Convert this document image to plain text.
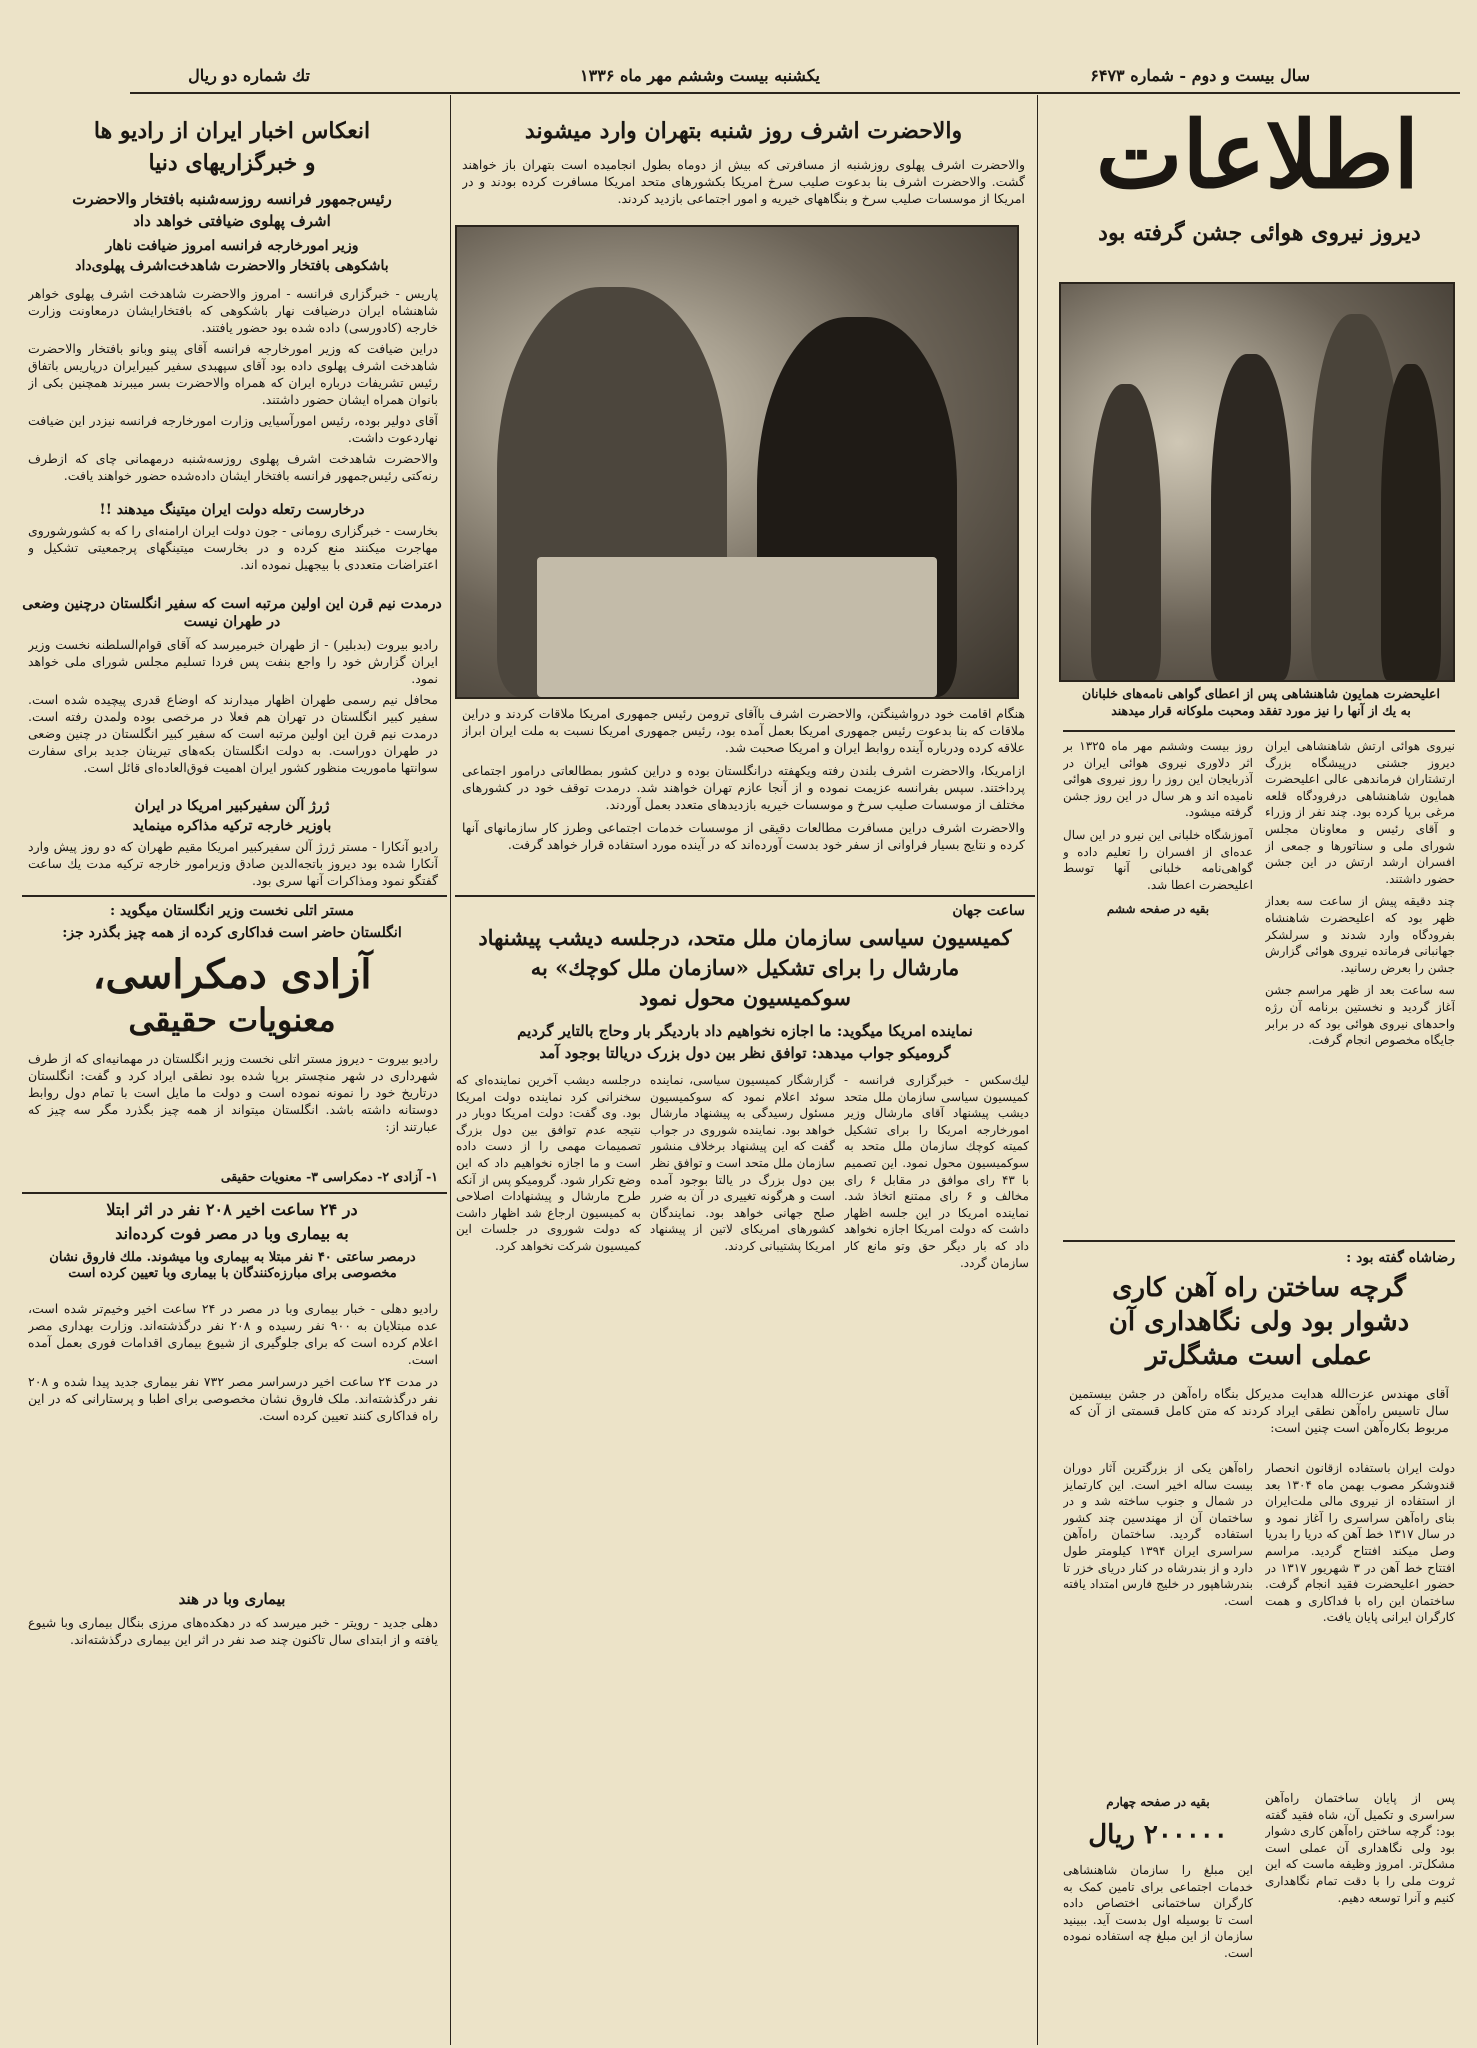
سال بیست و دوم - شماره ۶۴۷۳
یکشنبه بیست وششم مهر ماه ۱۳۳۶
تك شماره دو ریال
اطلاعات
دیروز نیروی هوائی جشن گرفته بود
اعلیحضرت همایون شاهنشاهی پس از اعطای گواهی نامه‌های خلبانان به يك از آنها را نیز مورد تفقد ومحبت ملوكانه قرار میدهند

نیروی هوائی ارتش شاهنشاهی ایران دیروز جشنی درپیشگاه بزرگ ارتشتاران فرماندهی عالی اعلیحضرت همایون شاهنشاهی درفرودگاه قلعه مرغی برپا کرده بود. چند نفر از وزراء و آقای رئیس و معاونان مجلس شورای ملی و سناتورها و جمعی از افسران ارشد ارتش در این جشن حضور داشتند.

چند دقیقه پیش از ساعت سه بعداز ظهر بود که اعلیحضرت شاهنشاه بفرودگاه وارد شدند و سرلشکر جهانبانی فرمانده نیروی هوائی گزارش جشن را بعرض رسانید.

سه ساعت بعد از ظهر مراسم جشن آغاز گردید و نخستین برنامه آن رژه واحدهای نیروی هوائی بود که در برابر جایگاه مخصوص انجام گرفت.

روز بیست وششم مهر ماه ۱۳۲۵ بر اثر دلاوری نیروی هوائی ایران در آذربایجان این روز را روز نیروی هوائی نامیده اند و هر سال در این روز جشن گرفته میشود.

آموزشگاه خلبانی این نیرو در این سال عده‌ای از افسران را تعلیم داده و گواهی‌نامه خلبانی آنها توسط اعلیحضرت اعطا شد.

بقیه در صفحه ششم

رضاشاه گفته بود :
گرچه ساختن راه آهن کاری
دشوار بود ولی نگاهداری آن
عملی است مشگل‌تر
آقای مهندس عزت‌الله هدایت مدیرکل بنگاه راه‌آهن در جشن بیستمین سال تاسیس راه‌آهن نطقی ایراد کردند که متن کامل قسمتی از آن که مربوط بکاره‌آهن است چنین است:
دولت ایران باستفاده ازقانون انحصار قندوشکر مصوب بهمن ماه ۱۳۰۴ بعد از استفاده از نیروی مالی ملت‌ایران بنای راه‌آهن سراسری را آغاز نمود و در سال ۱۳۱۷ خط آهن که دریا را بدریا وصل میکند افتتاح گردید. مراسم افتتاح خط آهن در ۳ شهریور ۱۳۱۷ در حضور اعلیحضرت فقید انجام گرفت. ساختمان این راه با فداکاری و همت کارگران ایرانی پایان یافت.
راه‌آهن یکی از بزرگترین آثار دوران بیست ساله اخیر است. این کارتمایز در شمال و جنوب ساخته شد و در ساختمان آن از مهندسین چند کشور استفاده گردید. ساختمان راه‌آهن سراسری ایران ۱۳۹۴ کیلومتر طول دارد و از بندرشاه در کنار دریای خزر تا بندرشاهپور در خلیج فارس امتداد یافته است.
پس از پایان ساختمان راه‌آهن سراسری و تکمیل آن، شاه فقید گفته بود: گرچه ساختن راه‌آهن کاری دشوار بود ولی نگاهداری آن عملی است مشکل‌تر. امروز وظیفه ماست که این ثروت ملی را با دقت تمام نگاهداری کنیم و آنرا توسعه دهیم.
بقیه در صفحه چهارم
۲۰۰۰۰۰ ریال
این مبلغ را سازمان شاهنشاهی خدمات اجتماعی برای تامین کمک به کارگران ساختمانی اختصاص داده است تا بوسیله اول بدست آید. ببینید سازمان از این مبلغ چه استفاده نموده است.
والاحضرت اشرف روز شنبه بتهران وارد میشوند
والاحضرت اشرف پهلوی روزشنبه از مسافرتی که بیش از دوماه بطول انجامیده است بتهران باز خواهند گشت. والاحضرت اشرف بنا بدعوت صلیب سرخ امریکا بکشورهای متحد امریکا مسافرت کرده بودند و در امریکا از موسسات صلیب سرخ و بنگاههای خیریه و امور اجتماعی بازدید کردند.

هنگام اقامت خود درواشینگتن، والاحضرت اشرف باآقای ترومن رئیس جمهوری امریکا ملاقات کردند و دراین ملاقات که بنا بدعوت رئیس جمهوری امریکا بعمل آمده بود، رئیس جمهوری امریکا نسبت به ملت ایران ابراز علاقه کرده ودرباره آینده روابط ایران و امریکا صحبت شد.

ازامریکا، والاحضرت اشرف بلندن رفته ویکهفته درانگلستان بوده و دراین کشور بمطالعاتی درامور اجتماعی پرداختند. سپس بفرانسه عزیمت نموده و از آنجا عازم تهران خواهند شد. درمدت توقف خود در کشورهای مختلف از موسسات صلیب سرخ و موسسات خیریه بازدیدهای متعدد بعمل آوردند.

والاحضرت اشرف دراین مسافرت مطالعات دقیقی از موسسات خدمات اجتماعی وطرز کار سازمانهای آنها کرده و نتایج بسیار فراوانی از سفر خود بدست آورده‌اند که در آینده مورد استفاده قرار خواهد گرفت.

ساعت جهان
کمیسیون سیاسی سازمان ملل متحد، درجلسه دیشب پیشنهاد
مارشال را برای تشکیل «سازمان ملل کوچك» به
سوکمیسیون محول نمود
نماینده امریکا میگوید: ما اجازه نخواهیم داد باردیگر بار وحاج بالتایر گردیم
گرومیکو جواب میدهد: توافق نظر بین دول بزرک دریالتا بوجود آمد
لیك‌سکس - خبرگزاری فرانسه - کمیسیون سیاسی سازمان ملل متحد دیشب پیشنهاد آقای مارشال وزیر امورخارجه امریکا را برای تشکیل کمیته کوچك سازمان ملل متحد به سوکمیسیون محول نمود. این تصمیم با ۴۳ رای موافق در مقابل ۶ رای مخالف و ۶ رای ممتنع اتخاذ شد. نماینده امریکا در این جلسه اظهار داشت که دولت امریکا اجازه نخواهد داد که بار دیگر حق وتو مانع کار سازمان گردد.
گزارشگار کمیسیون سیاسی، نماینده سوئد اعلام نمود که سوکمیسیون مسئول رسیدگی به پیشنهاد مارشال خواهد بود. نماینده شوروی در جواب گفت که این پیشنهاد برخلاف منشور سازمان ملل متحد است و توافق نظر بین دول بزرگ در یالتا بوجود آمده است و هرگونه تغییری در آن به ضرر صلح جهانی خواهد بود. نمایندگان کشورهای امریکای لاتین از پیشنهاد امریکا پشتیبانی کردند.
درجلسه دیشب آخرین نماینده‌ای که سخنرانی کرد نماینده دولت امریکا بود. وی گفت: دولت امریکا دوبار در نتیجه عدم توافق بین دول بزرگ تصمیمات مهمی را از دست داده است و ما اجازه نخواهیم داد که این وضع تکرار شود. گرومیکو پس از آنکه طرح مارشال و پیشنهادات اصلاحی به کمیسیون ارجاع شد اظهار داشت که دولت شوروی در جلسات این کمیسیون شرکت نخواهد کرد.
انعکاس اخبار ایران از رادیو ها
و خبرگزاریهای دنیا
رئیس‌جمهور فرانسه روزسه‌شنبه بافتخار والاحضرت
اشرف پهلوی ضیافتی خواهد داد
وزیر امورخارجه فرانسه امروز ضیافت ناهار
باشکوهی بافتخار والاحضرت شاهدخت‌اشرف پهلوی‌داد

پاریس - خبرگزاری فرانسه - امروز والاحضرت شاهدخت اشرف پهلوی خواهر شاهنشاه ایران درضیافت نهار باشکوهی که بافتخارایشان درمعاونت وزارت خارجه (کادورسی) داده شده بود حضور یافتند.

دراین ضیافت که وزیر امورخارجه فرانسه آقای پینو وبانو بافتخار والاحضرت شاهدخت اشرف پهلوی داده بود آقای سپهبدی سفیر کبیرایران درپاریس باتفاق رئیس تشریفات درباره ایران که همراه والاحضرت بسر میبرند همچنین بکی از بانوان همراه ایشان حضور داشتند.

آقای دولیر بوده، رئیس امورآسیایی وزارت امورخارجه فرانسه نیزدر این ضیافت نهاردعوت داشت.

والاحضرت شاهدخت اشرف پهلوی روزسه‌شنبه درمهمانی چای که ازطرف رنه‌کتی رئیس‌جمهور فرانسه بافتخار ایشان داده‌شده حضور خواهند یافت.

درخارست رتعله دولت ایران میتینگ میدهند !!
بخارست - خبرگزاری رومانی - جون دولت ایران ارامنه‌ای را که به کشورشوروی مهاجرت میکنند منع کرده و در بخارست میتینگهای پرجمعیتی تشکیل و اعتراضات متعددی با بیجهیل نموده اند.
درمدت نیم قرن این اولین مرتبه است که سفیر انگلستان درچنین وضعی در طهران نیست

رادیو بیروت (بدبلیر) - از طهران خبرمیرسد که آقای قوام‌السلطنه نخست وزیر ایران گزارش خود را واجع بنفت پس فردا تسلیم مجلس شورای ملی خواهد نمود.

محافل نیم رسمی طهران اظهار میدارند که اوضاع قدری پیچیده شده است. سفیر کبیر انگلستان در تهران هم فعلا در مرخصی بوده ولمدن رفته است. درمدت نیم قرن این اولین مرتبه است که سفیر کبیر انگلستان در چنین وضعی در طهران دوراست. به دولت انگلستان بکه‌های تیرینان جدید برای سفارت سوانتها ماموریت منظور کشور ایران اهمیت فوق‌العاده‌ای قائل است.

ژرژ آلن سفیرکبیر امریکا در ایران
باوزیر خارجه ترکیه مذاکره مینماید
رادیو آنکارا - مستر ژرژ آلن سفیرکبیر امریکا مقیم طهران که دو روز پیش وارد آنکارا شده بود دیروز باتجه‌الدین صادق وزیرامور خارجه ترکیه مدت يك ساعت گفتگو نمود ومذاکرات آنها سری بود.
مستر اتلی نخست وزیر انگلستان میگوید :
انگلستان حاضر است فداکاری کرده از همه چیز بگذرد جز:
آزادی دمکراسی،
معنویات حقیقی
رادیو بیروت - دیروز مستر اتلی نخست وزیر انگلستان در مهمانیه‌ای که از طرف شهرداری در شهر منچستر برپا شده بود نطقی ایراد کرد و گفت: انگلستان درتاریخ خود را نمونه نموده است و دولت ما مایل است با تمام دول روابط دوستانه داشته باشد. انگلستان میتواند از همه چیز بگذرد مگر سه چیز که عبارتند از:
۱- آزادی ۲- دمکراسی ۳- معنویات حقیقی
در ۲۴ ساعت اخیر ۲۰۸ نفر در اثر ابتلا
به بیماری وبا در مصر فوت کرده‌اند
درمصر ساعتی ۴۰ نفر مبتلا به بیماری وبا میشوند. ملك فاروق نشان مخصوصی برای مبارزه‌کنندگان با بیماری وبا تعیین کرده است

رادیو دهلی - خبار بیماری وبا در مصر در ۲۴ ساعت اخیر وخیم‌تر شده است، عده مبتلایان به ۹۰۰ نفر رسیده و ۲۰۸ نفر درگذشته‌اند. وزارت بهداری مصر اعلام کرده است که برای جلوگیری از شیوع بیماری اقدامات فوری بعمل آمده است.

در مدت ۲۴ ساعت اخیر درسراسر مصر ۷۳۲ نفر بیماری جدید پیدا شده و ۲۰۸ نفر درگذشته‌اند. ملک فاروق نشان مخصوصی برای اطبا و پرستارانی که در این راه فداکاری کنند تعیین کرده است.

بیماری وبا در هند
دهلی جدید - رویتر - خبر میرسد که در دهکده‌های مرزی بنگال بیماری وبا شیوع یافته و از ابتدای سال تاکنون چند صد نفر در اثر این بیماری درگذشته‌اند.
